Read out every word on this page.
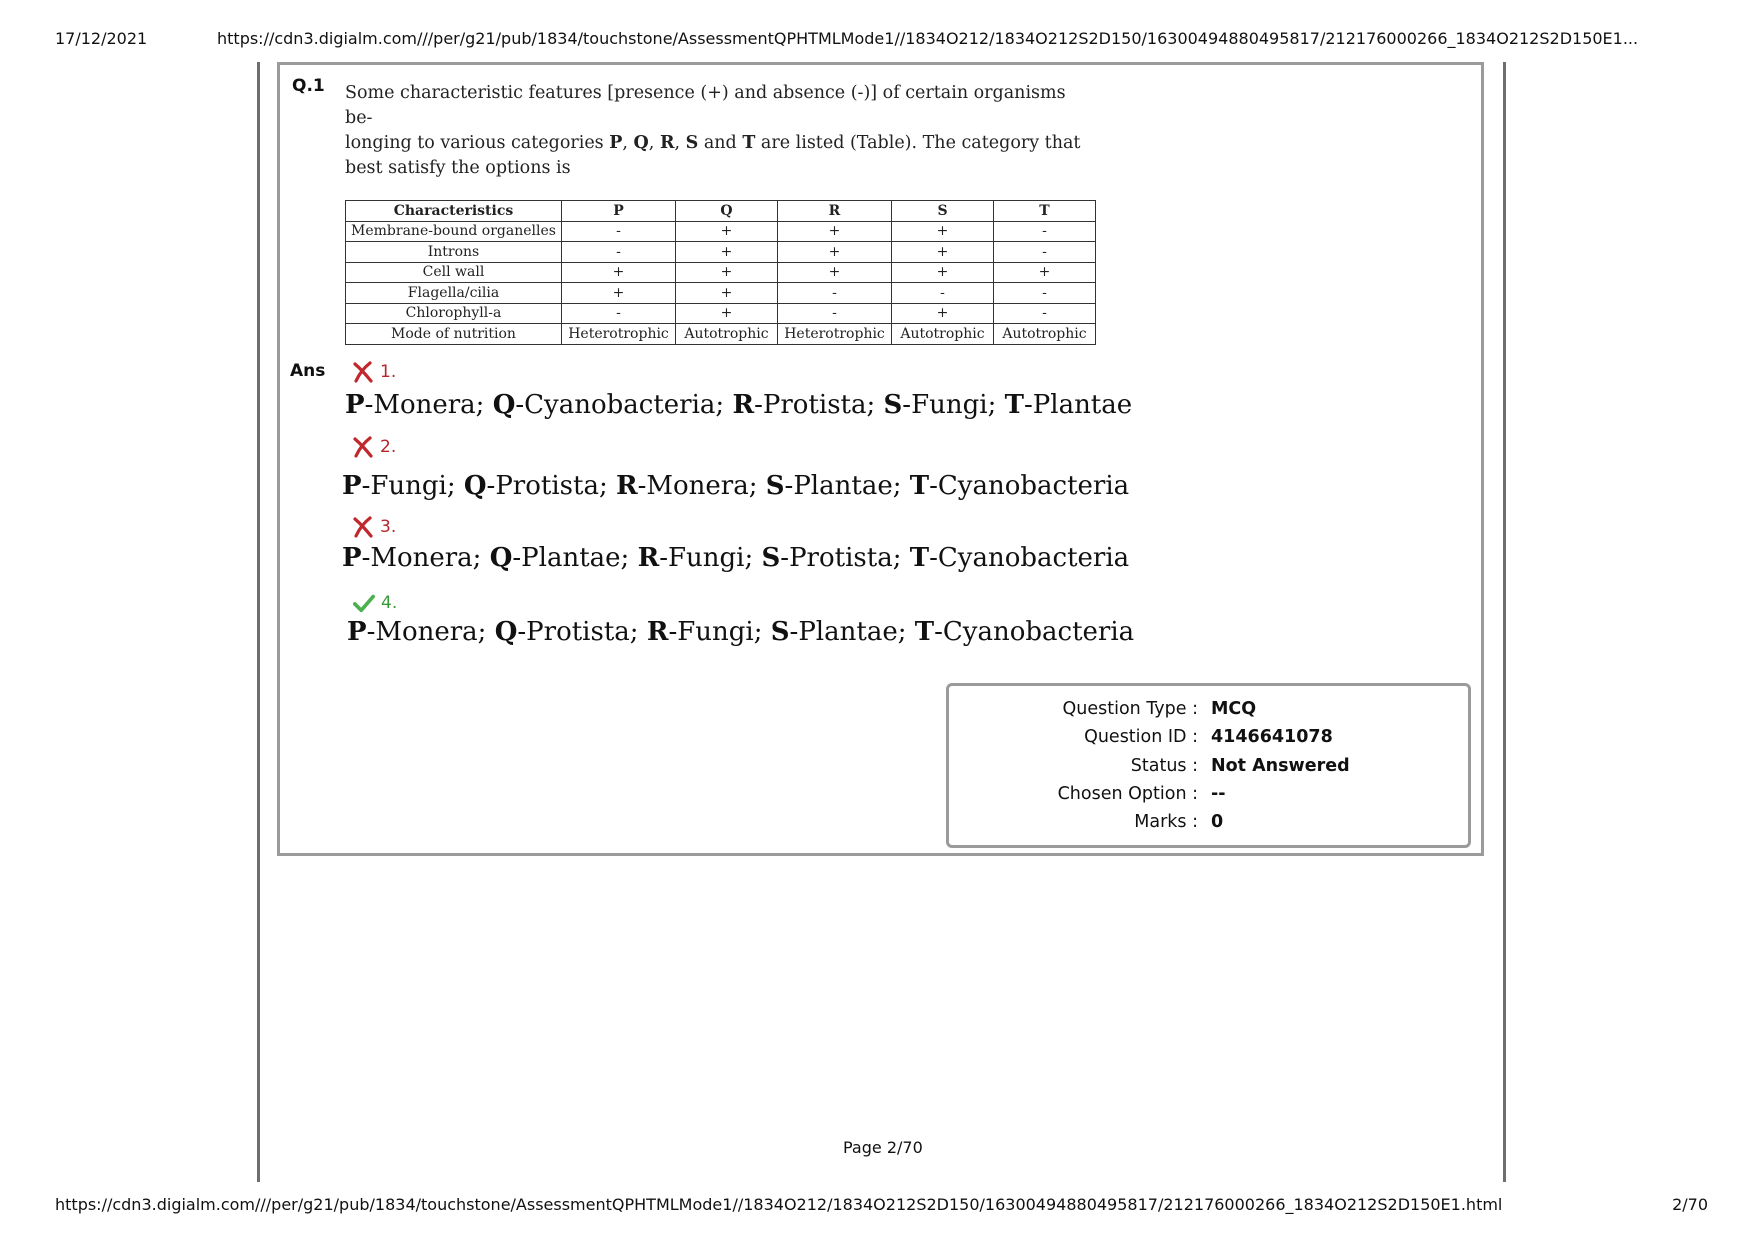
17/12/2021	https://cdn3.digialm.com///per/g21/pub/1834/touchstone/AssessmentQPHTMLMode1//1834O212/1834O212S2D150/16300494880495817/212176000266_1834O212S2D150E1...
Q.1 Some characteristic features [presence (+) and absence (-)] of certain organisms be-
longing to various categories P, Q, R, S and T are listed (Table). The category that
best satisfy the options is
Characteristics	P	Q	R	S	T
Membrane-bound organelles	-	+	+	+	-
Introns	-	+	+	+	-
Cell wall	+	+	+	+	+
Flagella/cilia	+	+	-	-	-
Chlorophyll-a	-	+	-	+	-
Mode of nutrition	Heterotrophic	Autotrophic	Heterotrophic	Autotrophic	Autotrophic
Ans	1.
P-Monera; Q-Cyanobacteria; R-Protista; S-Fungi; T-Plantae
2.
P-Fungi; Q-Protista; R-Monera; S-Plantae; T-Cyanobacteria
3.
P-Monera; Q-Plantae; R-Fungi; S-Protista; T-Cyanobacteria
4.
P-Monera; Q-Protista; R-Fungi; S-Plantae; T-Cyanobacteria
Question Type : MCQ
Question ID : 4146641078
Status : Not Answered
Chosen Option : --
Marks : 0
Page 2/70
https://cdn3.digialm.com///per/g21/pub/1834/touchstone/AssessmentQPHTMLMode1//1834O212/1834O212S2D150/16300494880495817/212176000266_1834O212S2D150E1.html	2/70
